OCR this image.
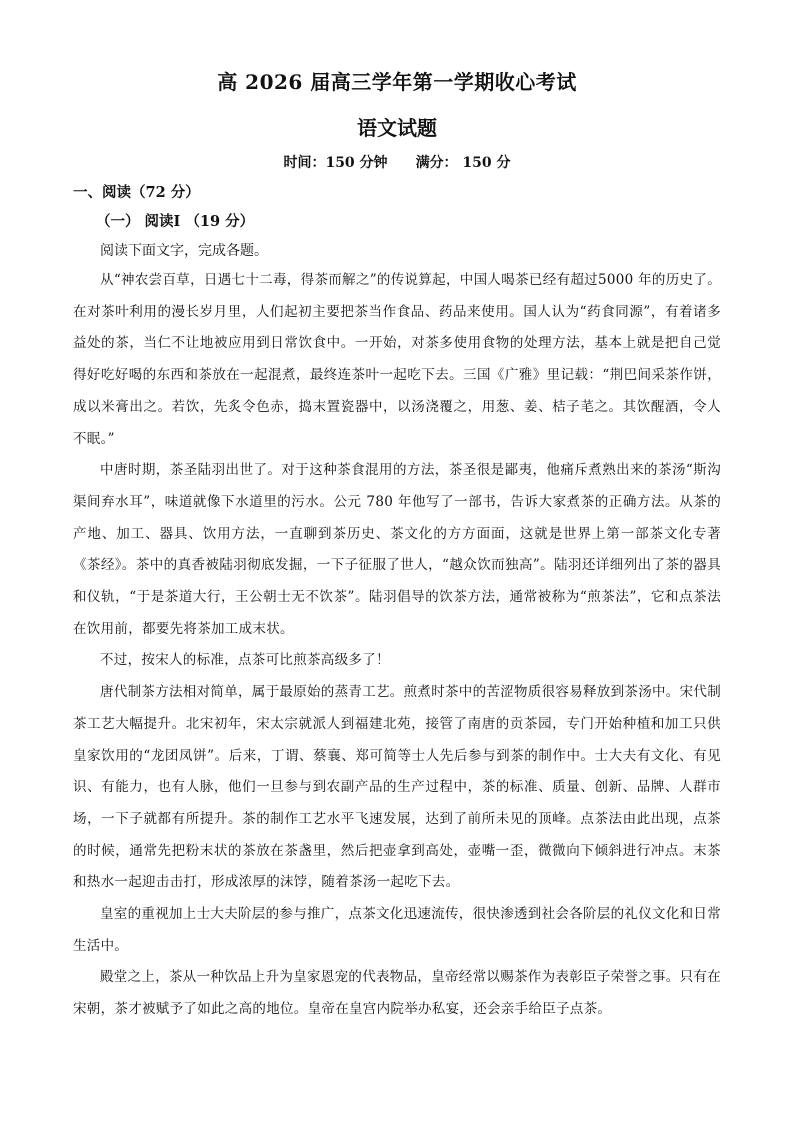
高 2026 届高三学年第一学期收心考试
语文试题
时间：150 分钟 满分： 150 分
一、阅读（72 分）
（一） 阅读Ⅰ （19 分）
阅读下面文字，完成各题。

从“神农尝百草，日遇七十二毒，得茶而解之”的传说算起，中国人喝茶已经有超过5000 年的历史了。在对茶叶利用的漫长岁月里，人们起初主要把茶当作食品、药品来使用。国人认为“药食同源”，有着诸多益处的茶，当仁不让地被应用到日常饮食中。一开始，对茶多使用食物的处理方法，基本上就是把自己觉得好吃好喝的东西和茶放在一起混煮，最终连茶叶一起吃下去。三国《广雅》里记载：“荆巴间采茶作饼，成以米膏出之。若饮，先炙令色赤，捣末置瓷器中，以汤浇覆之，用葱、姜、桔子芼之。其饮醒酒，令人不眠。”

中唐时期，茶圣陆羽出世了。对于这种茶食混用的方法，茶圣很是鄙夷，他痛斥煮熟出来的茶汤“斯沟渠间弃水耳”，味道就像下水道里的污水。公元 780 年他写了一部书，告诉大家煮茶的正确方法。从茶的产地、加工、器具、饮用方法，一直聊到茶历史、茶文化的方方面面，这就是世界上第一部茶文化专著《茶经》。茶中的真香被陆羽彻底发掘，一下子征服了世人，“越众饮而独高”。陆羽还详细列出了茶的器具和仪轨，“于是茶道大行，王公朝士无不饮茶”。陆羽倡导的饮茶方法，通常被称为“煎茶法”，它和点茶法在饮用前，都要先将茶加工成末状。

不过，按宋人的标准，点茶可比煎茶高级多了！

唐代制茶方法相对简单，属于最原始的蒸青工艺。煎煮时茶中的苦涩物质很容易释放到茶汤中。宋代制茶工艺大幅提升。北宋初年，宋太宗就派人到福建北苑，接管了南唐的贡茶园，专门开始种植和加工只供皇家饮用的“龙团凤饼”。后来，丁谓、蔡襄、郑可简等士人先后参与到茶的制作中。士大夫有文化、有见识、有能力，也有人脉，他们一旦参与到农副产品的生产过程中，茶的标准、质量、创新、品牌、人群市场，一下子就都有所提升。茶的制作工艺水平飞速发展，达到了前所未见的顶峰。点茶法由此出现，点茶的时候，通常先把粉末状的茶放在茶盏里，然后把壶拿到高处，壶嘴一歪，微微向下倾斜进行冲点。末茶和热水一起迎击击打，形成浓厚的沫饽，随着茶汤一起吃下去。

皇室的重视加上士大夫阶层的参与推广，点茶文化迅速流传，很快渗透到社会各阶层的礼仪文化和日常生活中。

殿堂之上，茶从一种饮品上升为皇家恩宠的代表物品，皇帝经常以赐茶作为表彰臣子荣誉之事。只有在宋朝，茶才被赋予了如此之高的地位。皇帝在皇宫内院举办私宴，还会亲手给臣子点茶。
